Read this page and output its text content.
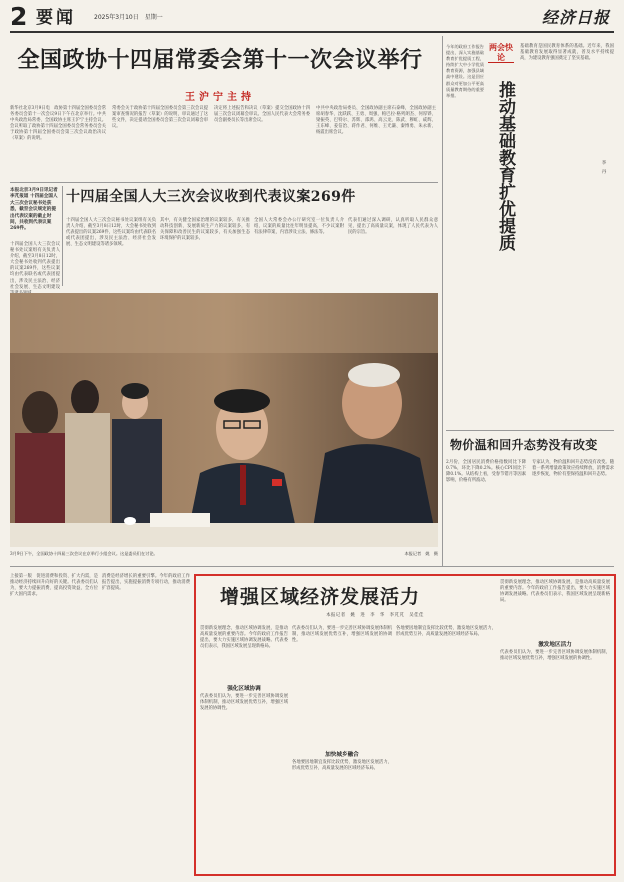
2 要闻	2025年3月10日　星期一	经济日报
全国政协十四届常委会第十一次会议举行
王沪宁主持
新华社北京3月9日电　政协第十四届全国委员会常务委员会第十一次会议9日下午在北京举行。中共中央政治局常委、全国政协主席王沪宁主持会议。会议听取了政协第十四届全国委员会常务委员会关于政协第十四届全国委员会第三次会议政治决议（草案）的说明。
常委会关于政协第十四届全国委员会第三次会议提案审查情况的报告（草案）的说明，审议通过了这些文件，决定提请全国委员会第三次会议闭幕会审议。
决定将上述报告和决议（草案）提交全国政协十四届三次会议闭幕会审议。全国人民代表大会常务委员会副委员长等出席会议。
中共中央政治局委员、全国政协副主席石泰峰，全国政协副主席胡春华、沈跃跃、王勇、周强、帕巴拉·格列朗杰、何厚铧、梁振英、巴特尔、苏辉、邵鸿、高云龙、陈武、穆虹、咸辉、王东峰、姜信治、蒋作君、何维、王光谦、秦博勇、朱永新、杨震出席会议。
本报北京3月9日讯记者李芃报道 十四届全国人大三次会议秘书处获悉，截至会议规定的提出代表议案的截止时间，共收到代表议案269件。
十四届全国人大三次会议收到代表议案269件
十四届全国人大三次会议秘书处议案组有关负责人介绍，截至3月8日12时，大会秘书处收到代表提出的议案269件，这些议案均由代表联名或代表团提出，涉及民主法治、经济社会发展、生态文明建设
十四届全国人大三次会议秘书处议案组有关负责人介绍，截至3月8日12时，大会秘书处收到代表提出的议案269件，这些议案均由代表联名或代表团提出，涉及民主法治、经济社会发展、生态文明建设等诸多领域。
其中，有关健全国家治理的议案较多，有关推动科技创新、发展新质生产力的议案较多，有关保障和改善民生的议案较多，有关加强生态环境保护的议案较多。
全国人大常委会办公厅研究室一位负责人介绍，议案的质量比往年明显提高，不少议案附有法律草案，内容涉及立法、修法等。
代表们通过深入调研，认真听取人民群众意见，提出了高质量议案，体现了人民代表为人民的宗旨。
3月9日下午，全国政协十四届三次会议在京举行小组会议。这是委员们在讨论。	本报记者　姚　摄
今年的政府工作报告提出，深入实施基础教育扩优提质工程，持续扩大中小学优质教育资源，加强县域高中建设。这是回应群众对更加公平更高质量教育期待的重要举措。
两会快论
推动基础教育扩优提质
基础教育是国民教育体系的基础。近年来，我国基础教育发展取得显著成就，普及水平持续提高，为建设教育强国奠定了坚实基础。
李　丹
物价温和回升态势没有改变
2月份，全国居民消费价格指数同比下降0.7%，环比下降0.2%。核心CPI同比下降0.1%。从结构上看，受春节错月等因素影响，价格有所波动。
专家认为，物价温和回升态势没有改变。随着一系列增量政策效应持续释放，消费需求逐步恢复，物价有望保持温和回升态势。
上接第一版　促进消费和投资、扩大内需，是推动经济持续回升向好的关键。代表委员们认为，要大力提振消费、提高投资效益，全方位扩大国内需求。
消费是经济增长的重要引擎。今年的政府工作报告提出，实施提振消费专项行动，推动消费扩容提质。	增强区域经济发展活力
本报记者　姚　进　李　华　李芃芃　吴佳佳
贯彻新发展理念，推动区域协调发展，是推动高质量发展的重要内容。今年的政府工作报告提出，要大力实施区域协调发展战略。代表委员们表示，我国区域发展呈现新格局。
强化区域协调
代表委员们认为，要进一步完善区域协调发展体制机制，推动区域发展优势互补，增强区域发展的协调性。
代表委员们认为，要进一步完善区域协调发展体制机制，推动区域发展优势互补，增强区域发展的协调性。
加快城乡融合
各地要因地制宜发挥比较优势，激发地区发展活力，形成优势互补、高质量发展的区域经济布局。
各地要因地制宜发挥比较优势，激发地区发展活力，形成优势互补、高质量发展的区域经济布局。
贯彻新发展理念，推动区域协调发展，是推动高质量发展的重要内容。今年的政府工作报告提出，要大力实施区域协调发展战略。代表委员们表示，我国区域发展呈现新格局。
激发地区活力
代表委员们认为，要进一步完善区域协调发展体制机制，推动区域发展优势互补，增强区域发展的协调性。
